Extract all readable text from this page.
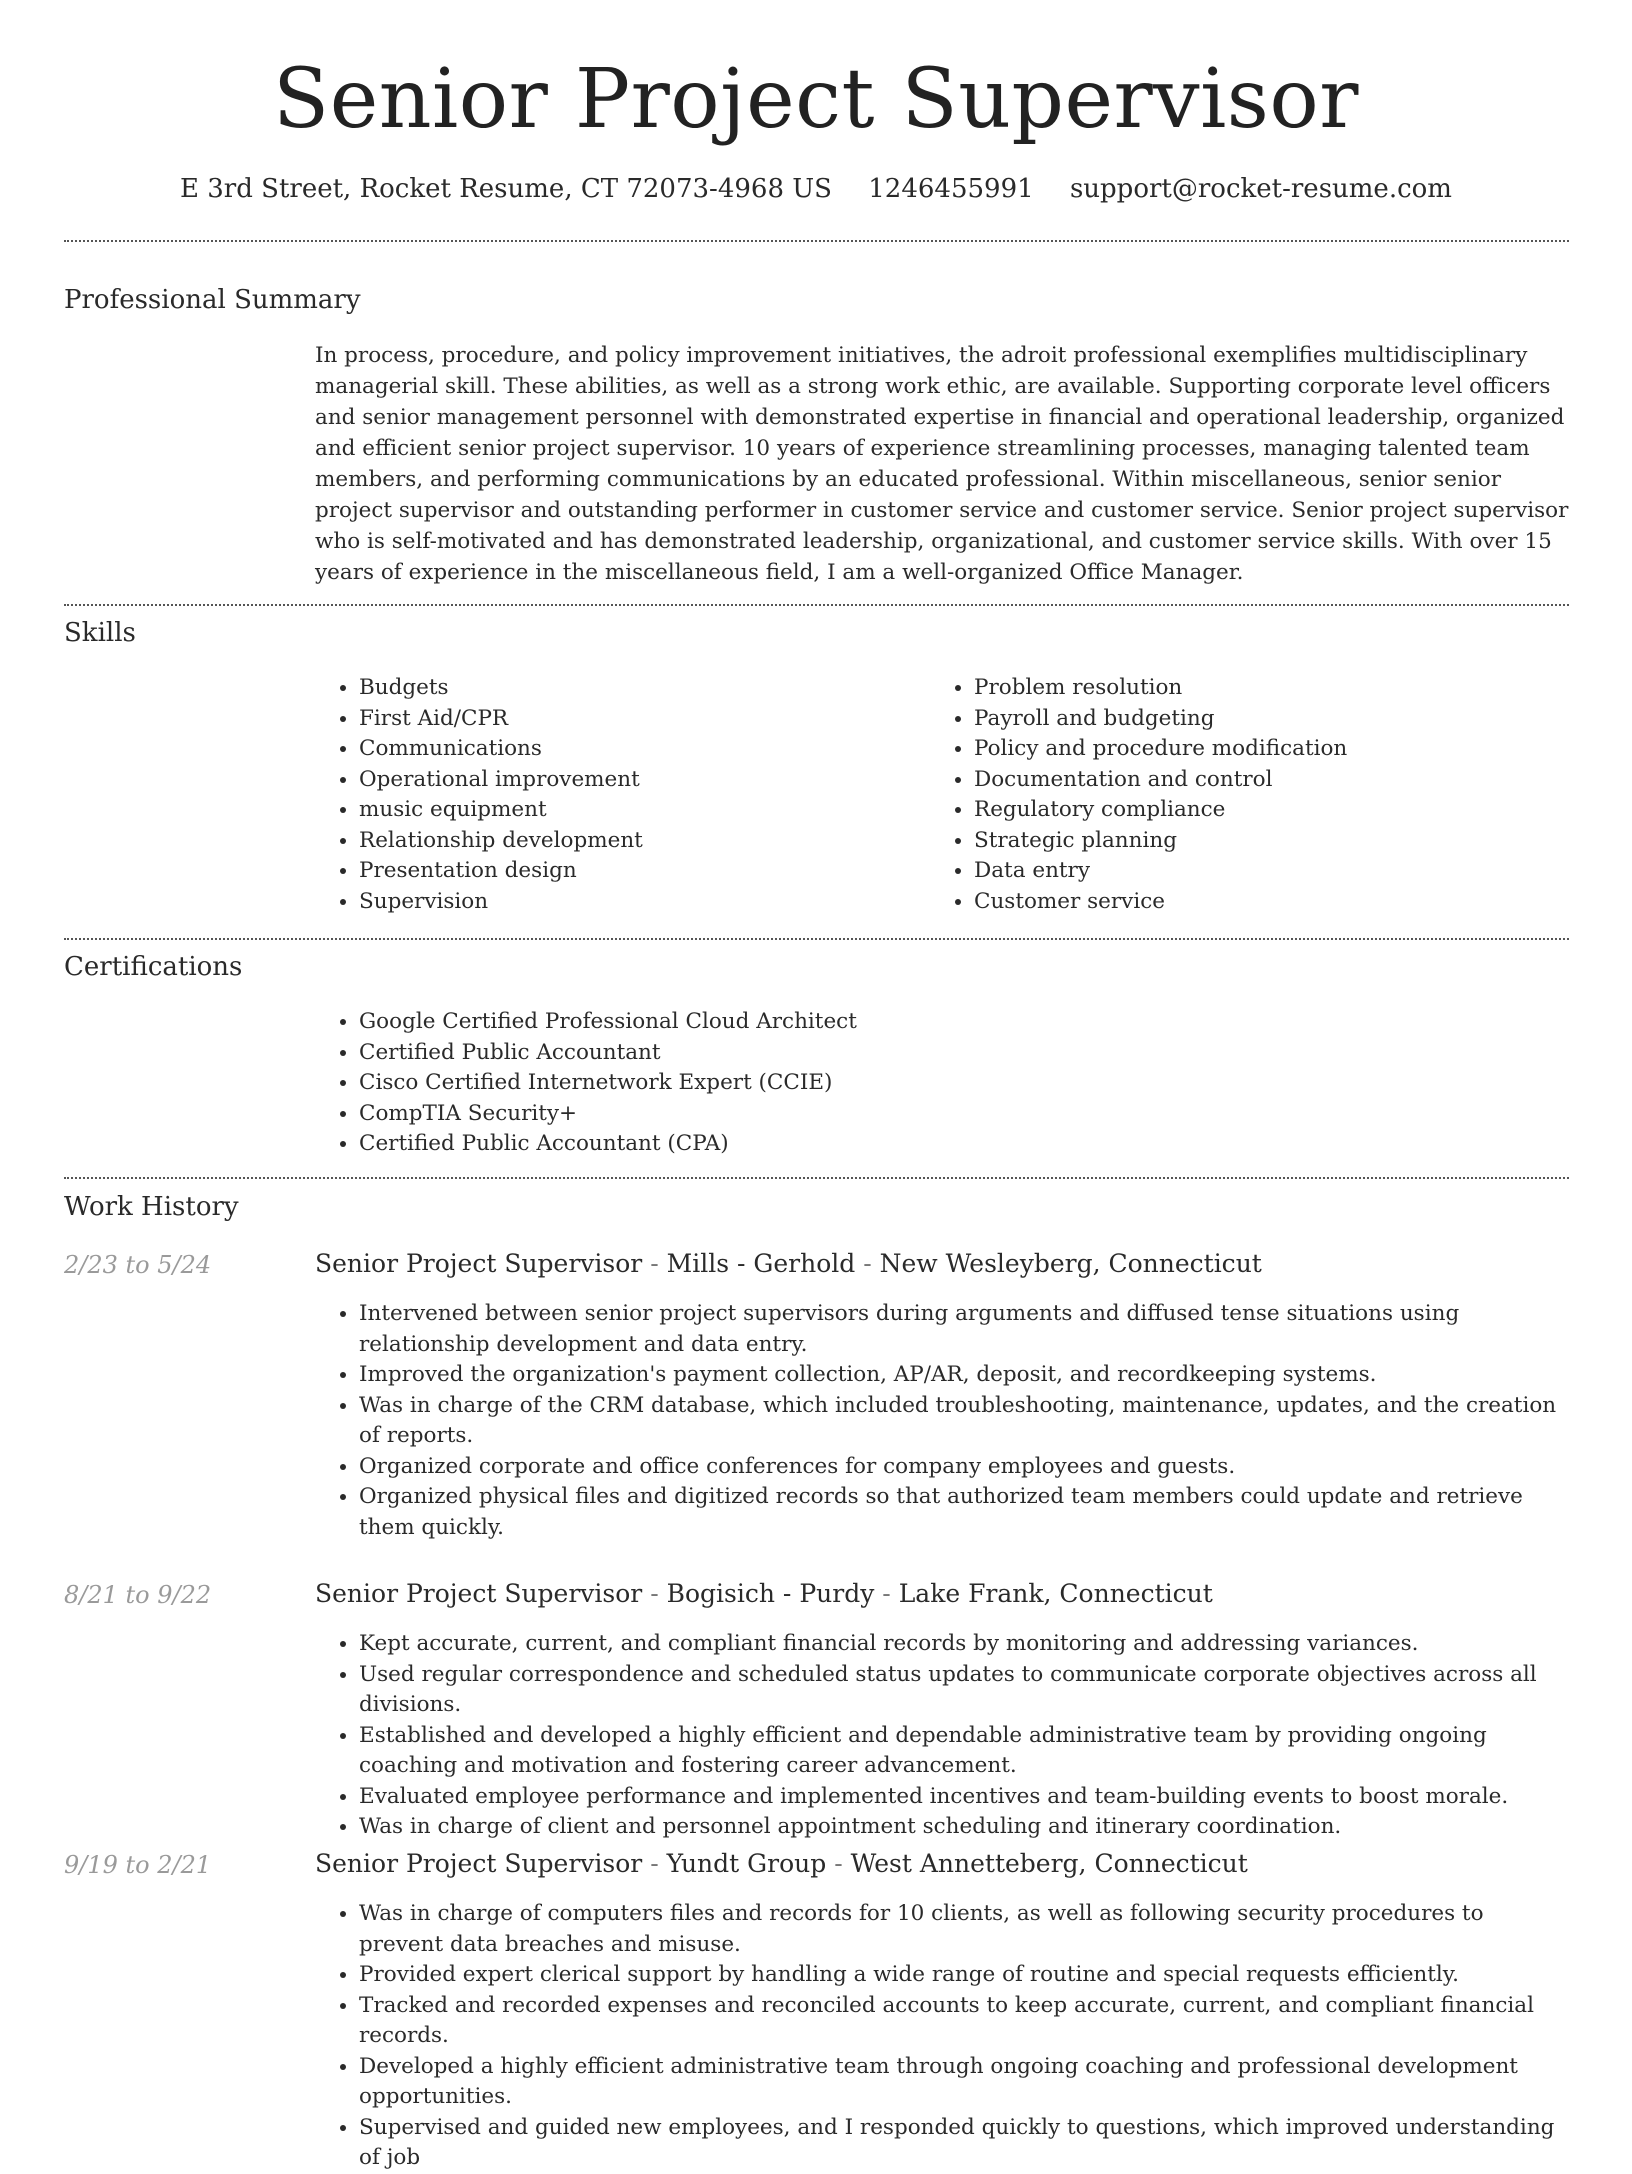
Senior Project Supervisor
E 3rd Street, Rocket Resume, CT 72073-4968 US 1246455991 support@rocket-resume.com
Professional Summary

In process, procedure, and policy improvement initiatives, the adroit professional exemplifies multidisciplinary managerial skill. These abilities, as well as a strong work ethic, are available. Supporting corporate level officers and senior management personnel with demonstrated expertise in financial and operational leadership, organized and efficient senior project supervisor. 10 years of experience streamlining processes, managing talented team members, and performing communications by an educated professional. Within miscellaneous, senior senior project supervisor and outstanding performer in customer service and customer service. Senior project supervisor who is self-motivated and has demonstrated leadership, organizational, and customer service skills. With over 15 years of experience in the miscellaneous field, I am a well-organized Office Manager.

Skills
• Budgets
• First Aid/CPR
• Communications
• Operational improvement
• music equipment
• Relationship development
• Presentation design
• Supervision
• Problem resolution
• Payroll and budgeting
• Policy and procedure modification
• Documentation and control
• Regulatory compliance
• Strategic planning
• Data entry
• Customer service
Certifications
• Google Certified Professional Cloud Architect
• Certified Public Accountant
• Cisco Certified Internetwork Expert (CCIE)
• CompTIA Security+
• Certified Public Accountant (CPA)
Work History
2/23 to 5/24	Senior Project Supervisor - Mills - Gerhold - New Wesleyberg, Connecticut
• Intervened between senior project supervisors during arguments and diffused tense situations using relationship development and data entry.
• Improved the organization's payment collection, AP/AR, deposit, and recordkeeping systems.
• Was in charge of the CRM database, which included troubleshooting, maintenance, updates, and the creation of reports.
• Organized corporate and office conferences for company employees and guests.
• Organized physical files and digitized records so that authorized team members could update and retrieve them quickly.
8/21 to 9/22	Senior Project Supervisor - Bogisich - Purdy - Lake Frank, Connecticut
• Kept accurate, current, and compliant financial records by monitoring and addressing variances.
• Used regular correspondence and scheduled status updates to communicate corporate objectives across all divisions.
• Established and developed a highly efficient and dependable administrative team by providing ongoing coaching and motivation and fostering career advancement.
• Evaluated employee performance and implemented incentives and team-building events to boost morale.
• Was in charge of client and personnel appointment scheduling and itinerary coordination.
9/19 to 2/21	Senior Project Supervisor - Yundt Group - West Annetteberg, Connecticut
• Was in charge of computers files and records for 10 clients, as well as following security procedures to prevent data breaches and misuse.
• Provided expert clerical support by handling a wide range of routine and special requests efficiently.
• Tracked and recorded expenses and reconciled accounts to keep accurate, current, and compliant financial records.
• Developed a highly efficient administrative team through ongoing coaching and professional development opportunities.
• Supervised and guided new employees, and I responded quickly to questions, which improved understanding of job
